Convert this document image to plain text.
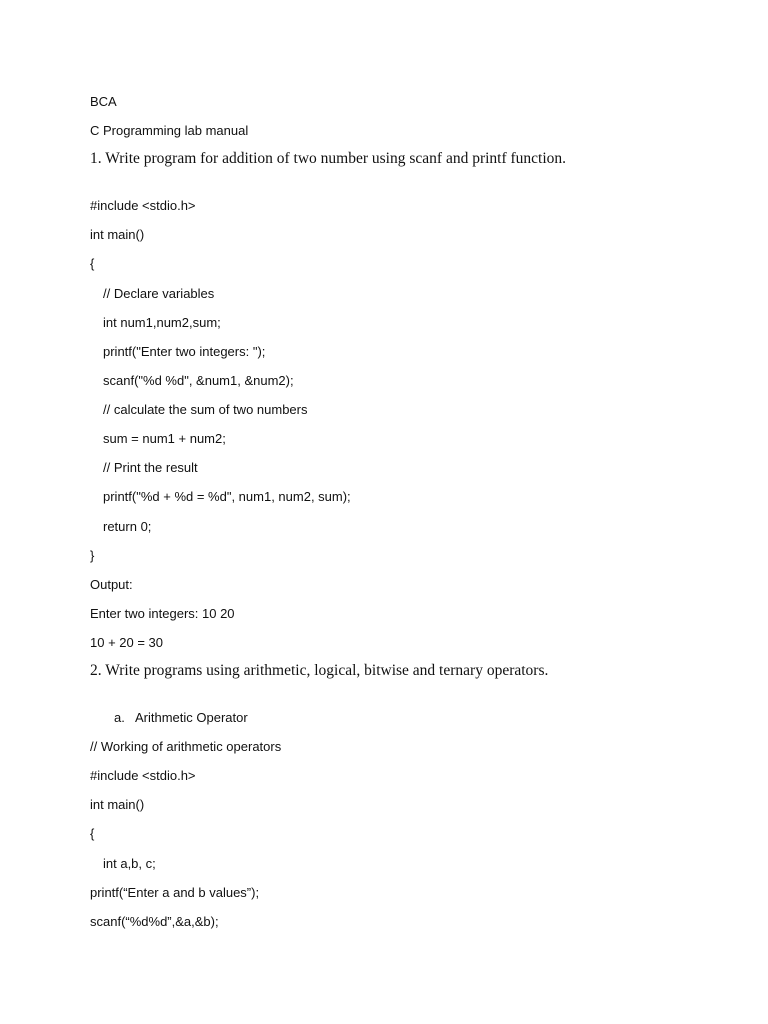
BCA
C Programming lab manual
1. Write program for addition of two number using scanf and printf function.
#include <stdio.h>
int main()
{
// Declare variables
int num1,num2,sum;
printf("Enter two integers: ");
scanf("%d %d", &num1, &num2);
// calculate the sum of two numbers
sum = num1 + num2;
// Print the result
printf("%d + %d = %d", num1, num2, sum);
return 0;
}
Output:
Enter two integers: 10 20
10 + 20 = 30
2. Write programs using arithmetic, logical, bitwise and ternary operators.
a. Arithmetic Operator
// Working of arithmetic operators
#include <stdio.h>
int main()
{
int a,b, c;
printf(“Enter a and b values”);
scanf(“%d%d”,&a,&b);
